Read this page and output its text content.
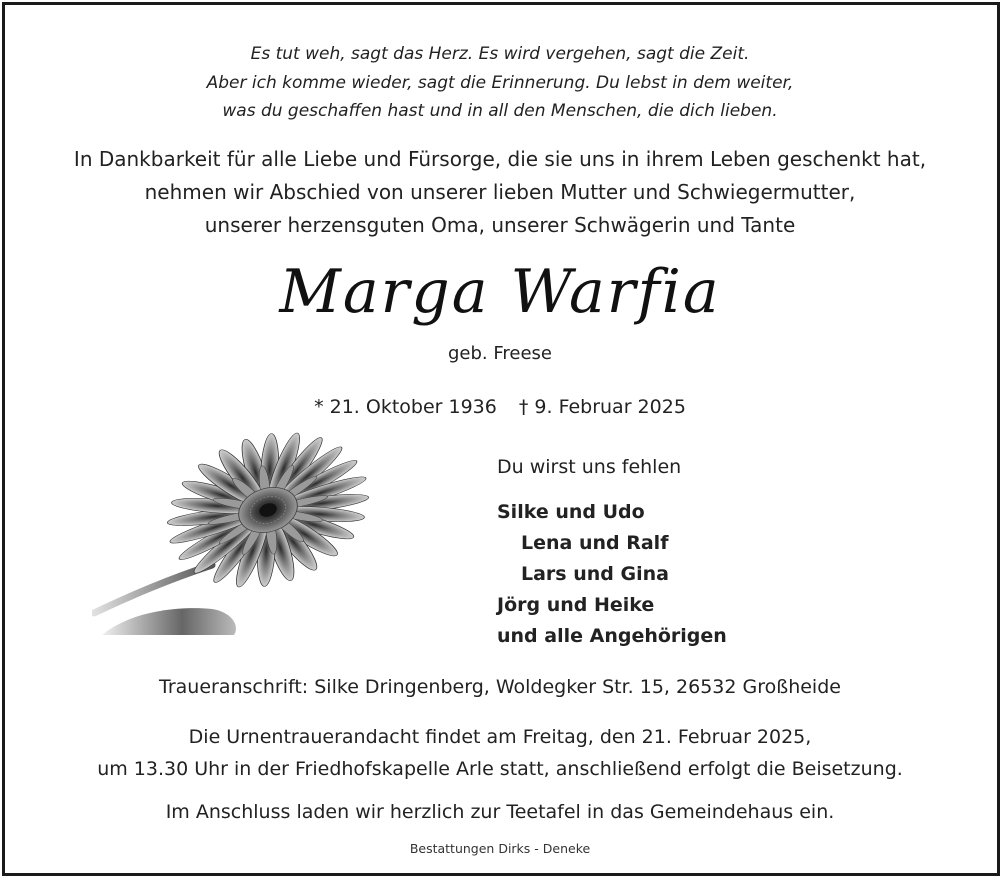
Es tut weh, sagt das Herz. Es wird vergehen, sagt die Zeit.
Aber ich komme wieder, sagt die Erinnerung. Du lebst in dem weiter,
was du geschaffen hast und in all den Menschen, die dich lieben.
In Dankbarkeit für alle Liebe und Fürsorge, die sie uns in ihrem Leben geschenkt hat,
nehmen wir Abschied von unserer lieben Mutter und Schwiegermutter,
unserer herzensguten Oma, unserer Schwägerin und Tante
Marga Warfia
geb. Freese
* 21. Oktober 1936 † 9. Februar 2025
Du wirst uns fehlen
Silke und Udo
Lena und Ralf
Lars und Gina
Jörg und Heike
und alle Angehörigen
Traueranschrift: Silke Dringenberg, Woldegker Str. 15, 26532 Großheide
Die Urnentrauerandacht findet am Freitag, den 21. Februar 2025,
um 13.30 Uhr in der Friedhofskapelle Arle statt, anschließend erfolgt die Beisetzung.
Im Anschluss laden wir herzlich zur Teetafel in das Gemeindehaus ein.
Bestattungen Dirks - Deneke
